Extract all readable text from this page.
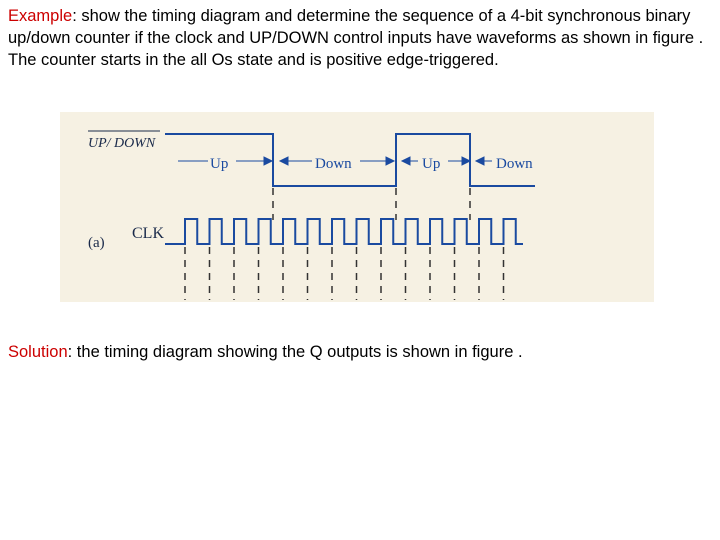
Example: show the timing diagram and determine the sequence of a 4-bit synchronous binary up/down counter if the clock and UP/DOWN control inputs have waveforms as shown in figure . The counter starts in the all Os state and is positive edge-triggered.
UP/ DOWN
Up	Down	Up	Down
(a)
CLK
Solution: the timing diagram showing the Q outputs is shown in figure .
